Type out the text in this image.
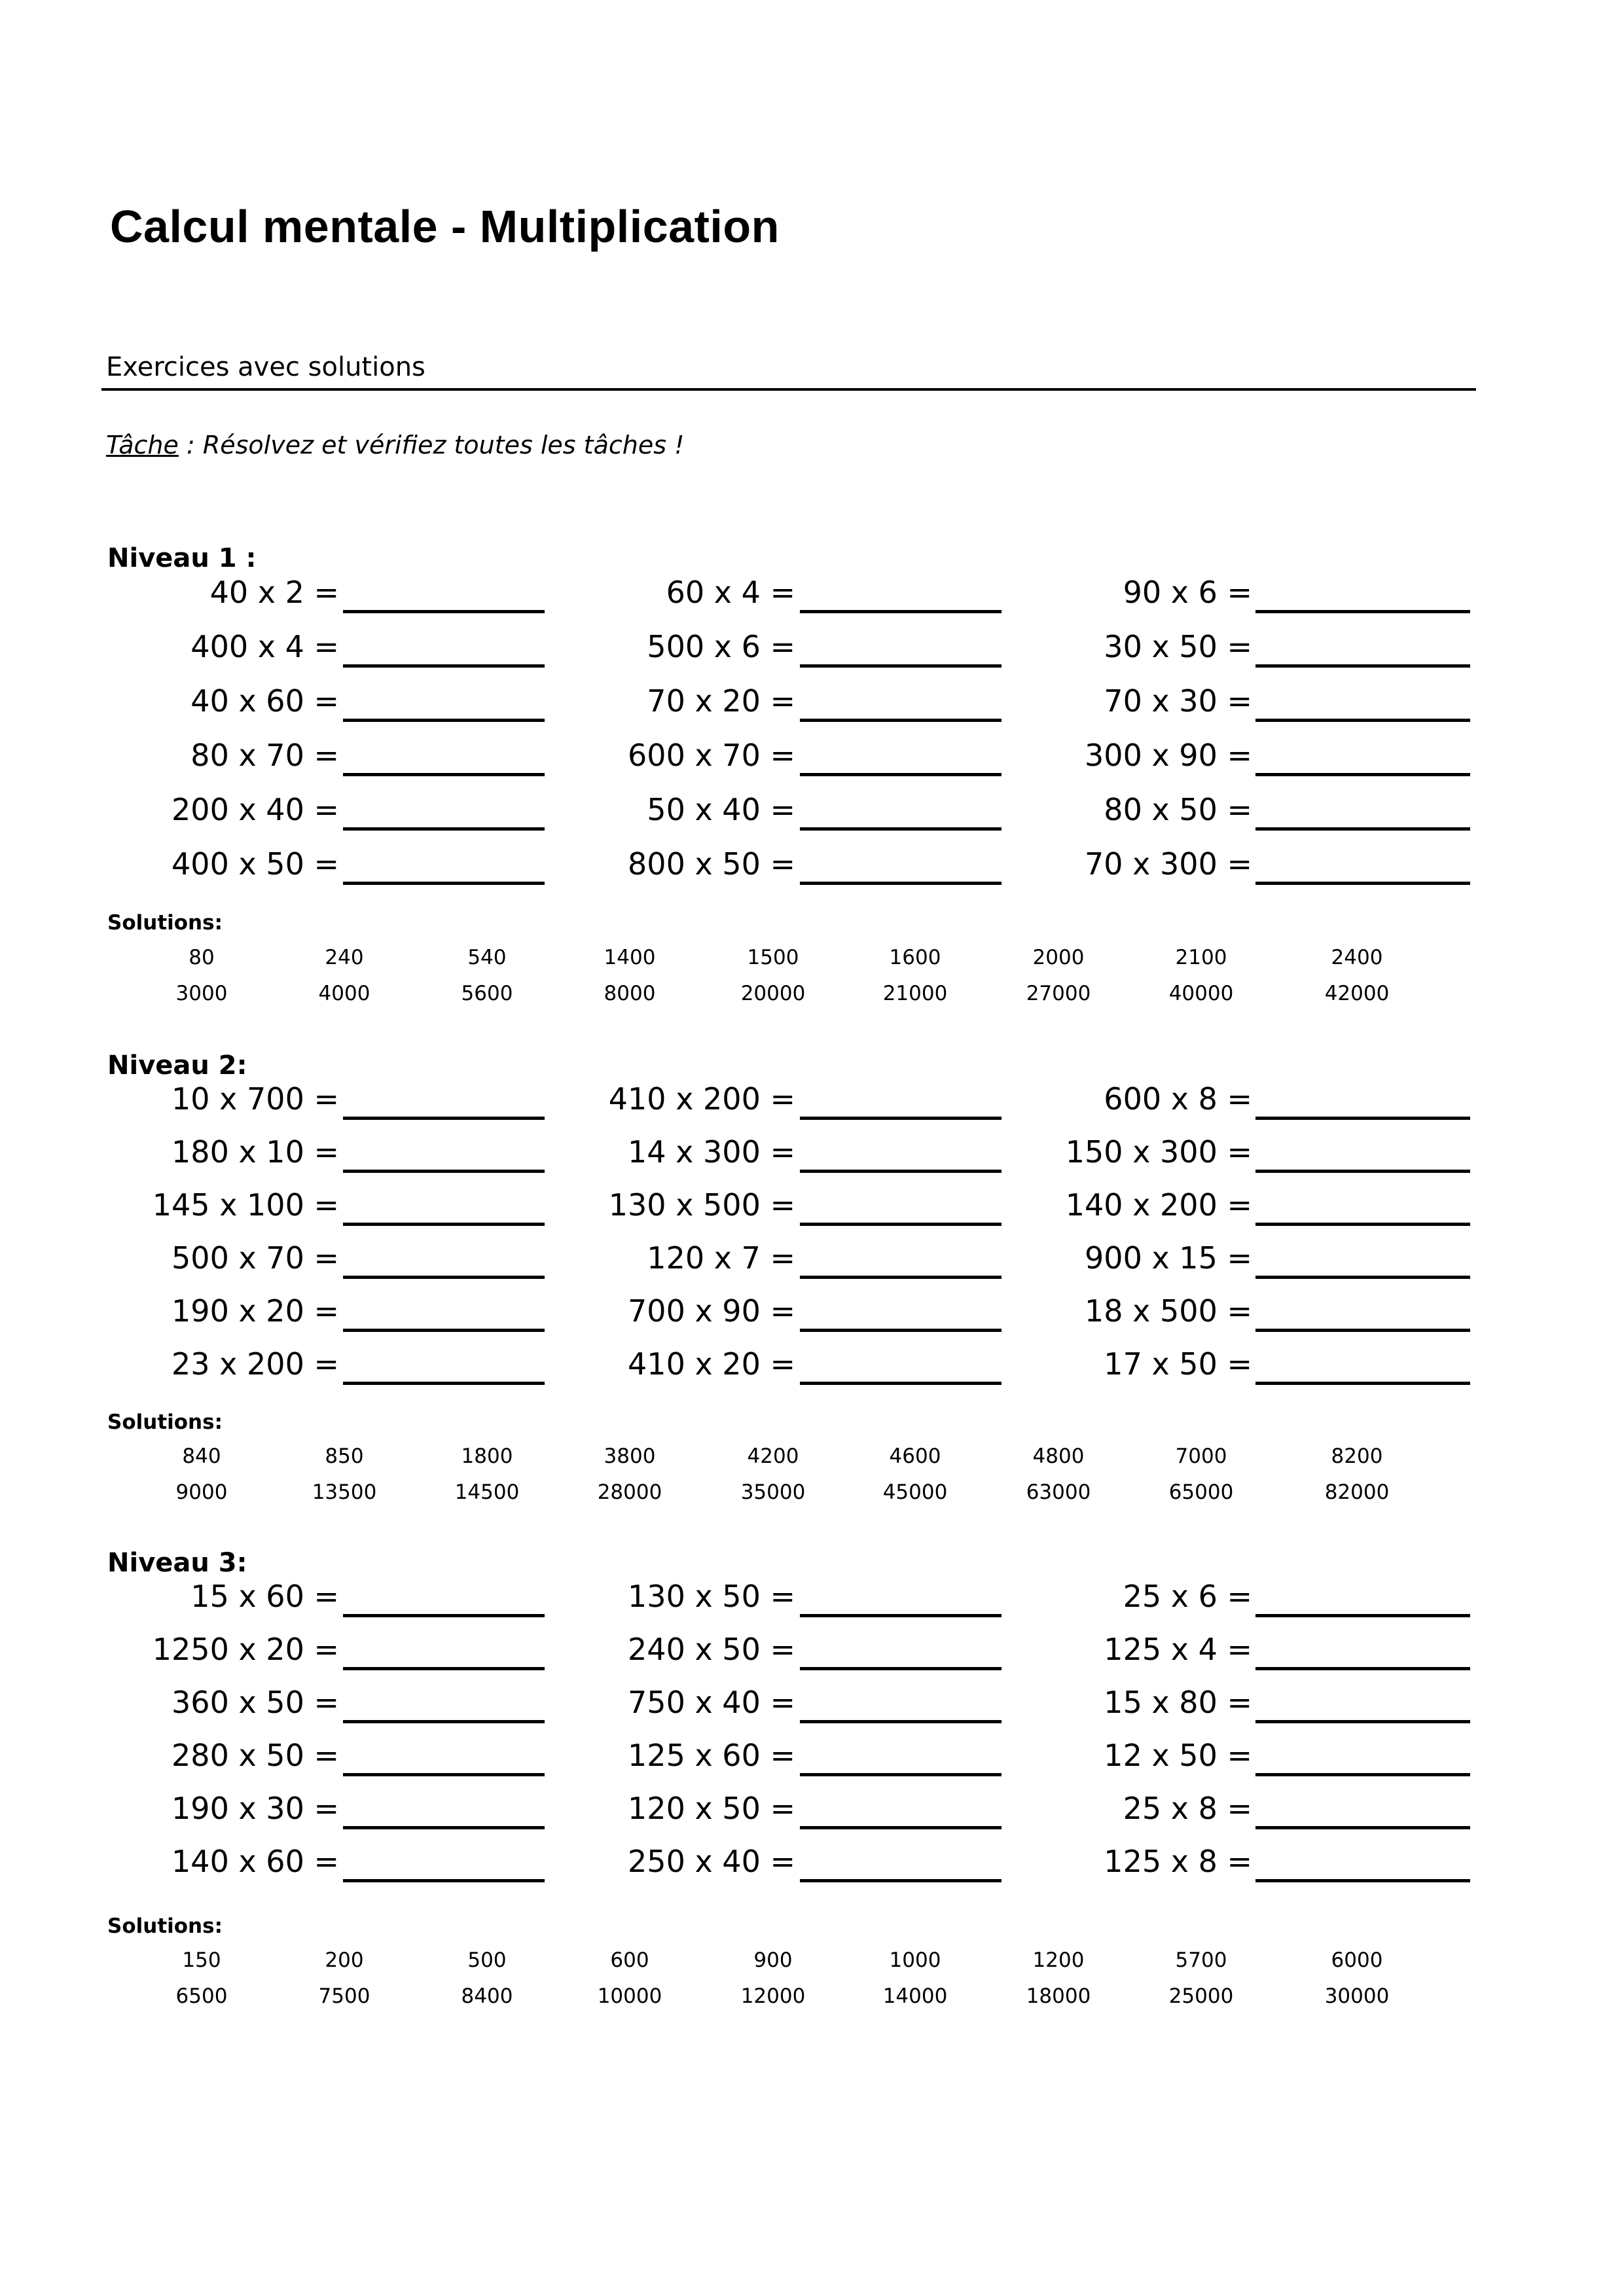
Calcul mentale - Multiplication
Exercices avec solutions
Tâche : Résolvez et vérifiez toutes les tâches !
Niveau 1 :
40 x 2 =	60 x 4 =	90 x 6 =
400 x 4 =	500 x 6 =	30 x 50 =
40 x 60 =	70 x 20 =	70 x 30 =
80 x 70 =	600 x 70 =	300 x 90 =
200 x 40 =	50 x 40 =	80 x 50 =
400 x 50 =	800 x 50 =	70 x 300 =
Solutions:
80	240	540	1400	1500	1600	2000	2100	2400
3000	4000	5600	8000	20000	21000	27000	40000	42000
Niveau 2:
10 x 700 =	410 x 200 =	600 x 8 =
180 x 10 =	14 x 300 =	150 x 300 =
145 x 100 =	130 x 500 =	140 x 200 =
500 x 70 =	120 x 7 =	900 x 15 =
190 x 20 =	700 x 90 =	18 x 500 =
23 x 200 =	410 x 20 =	17 x 50 =
Solutions:
840	850	1800	3800	4200	4600	4800	7000	8200
9000	13500	14500	28000	35000	45000	63000	65000	82000
Niveau 3:
15 x 60 =	130 x 50 =	25 x 6 =
1250 x 20 =	240 x 50 =	125 x 4 =
360 x 50 =	750 x 40 =	15 x 80 =
280 x 50 =	125 x 60 =	12 x 50 =
190 x 30 =	120 x 50 =	25 x 8 =
140 x 60 =	250 x 40 =	125 x 8 =
Solutions:
150	200	500	600	900	1000	1200	5700	6000
6500	7500	8400	10000	12000	14000	18000	25000	30000
